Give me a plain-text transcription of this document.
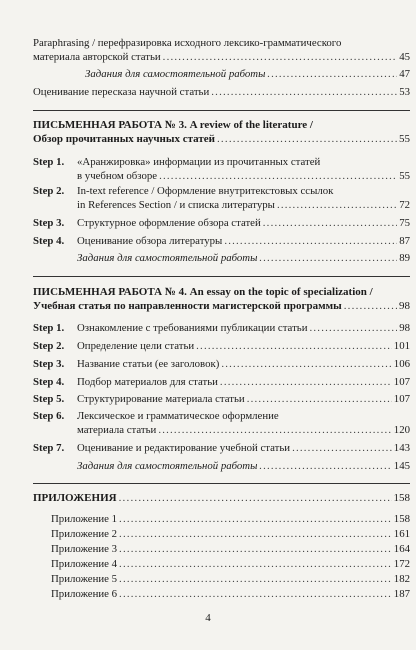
Paraphrasing / перефразировка исходного лексико-грамматического
материала авторской статьи .....	45
Задания для самостоятельной работы .....	47
Оценивание пересказа научной статьи .....	53
ПИСЬМЕННАЯ РАБОТА № 3. A review of the literature /
Обзор прочитанных научных статей .....	55
Step 1. «Аранжировка» информации из прочитанных статей
в учебном обзоре .....	55
Step 2. In-text reference / Оформление внутритекстовых ссылок
in References Section / и списка литературы .....	72
Step 3. Структурное оформление обзора статей .....	75
Step 4. Оценивание обзора литературы .....	87
Задания для самостоятельной работы .....	89
ПИСЬМЕННАЯ РАБОТА № 4. An essay on the topic of specialization /
Учебная статья по направленности магистерской программы .....	98
Step 1. Ознакомление с требованиями публикации статьи .....	98
Step 2. Определение цели статьи .....	101
Step 3. Название статьи (ее заголовок) .....	106
Step 4. Подбор материалов для статьи .....	107
Step 5. Структурирование материала статьи .....	107
Step 6. Лексическое и грамматическое оформление
материала статьи .....	120
Step 7. Оценивание и редактирование учебной статьи .....	143
Задания для самостоятельной работы .....	145
ПРИЛОЖЕНИЯ .....	158
Приложение 1 .....	158
Приложение 2 .....	161
Приложение 3 .....	164
Приложение 4 .....	172
Приложение 5 .....	182
Приложение 6 .....	187
4
